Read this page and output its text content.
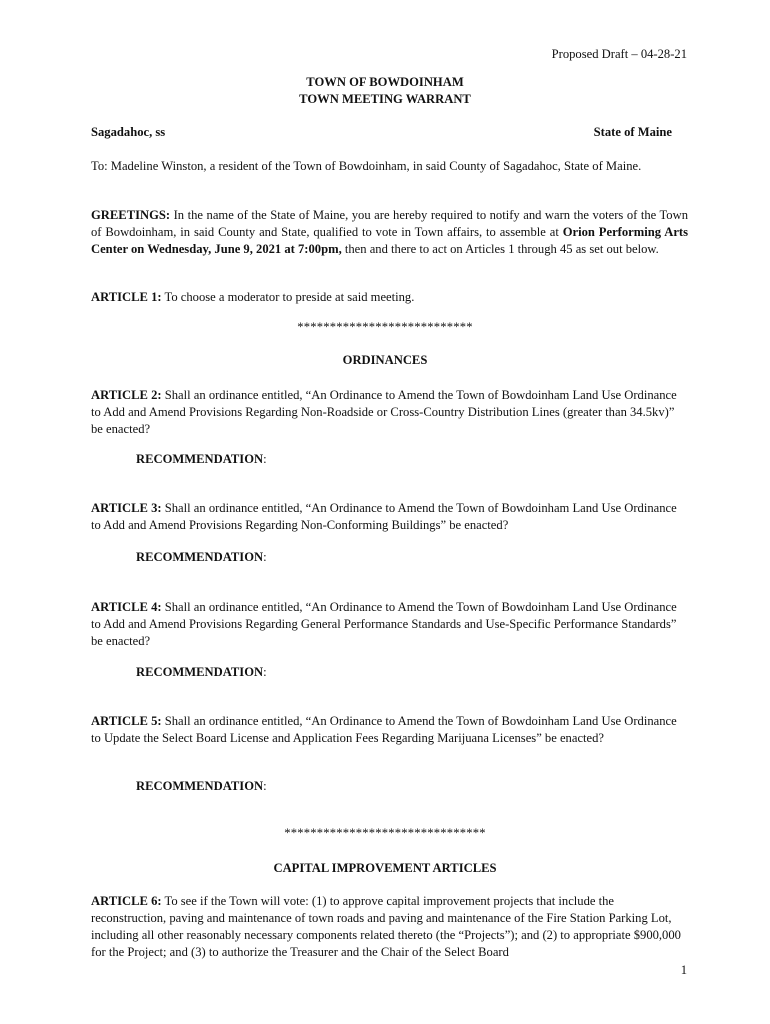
Proposed Draft – 04-28-21
TOWN OF BOWDOINHAM
TOWN MEETING WARRANT
Sagadahoc, ss	State of Maine
To: Madeline Winston, a resident of the Town of Bowdoinham, in said County of Sagadahoc, State of Maine.
GREETINGS: In the name of the State of Maine, you are hereby required to notify and warn the voters of the Town of Bowdoinham, in said County and State, qualified to vote in Town affairs, to assemble at Orion Performing Arts Center on Wednesday, June 9, 2021 at 7:00pm, then and there to act on Articles 1 through 45 as set out below.
ARTICLE 1: To choose a moderator to preside at said meeting.
***************************
ORDINANCES
ARTICLE 2: Shall an ordinance entitled, “An Ordinance to Amend the Town of Bowdoinham Land Use Ordinance to Add and Amend Provisions Regarding Non-Roadside or Cross-Country Distribution Lines (greater than 34.5kv)” be enacted?
RECOMMENDATION:
ARTICLE 3: Shall an ordinance entitled, “An Ordinance to Amend the Town of Bowdoinham Land Use Ordinance to Add and Amend Provisions Regarding Non-Conforming Buildings” be enacted?
RECOMMENDATION:
ARTICLE 4: Shall an ordinance entitled, “An Ordinance to Amend the Town of Bowdoinham Land Use Ordinance to Add and Amend Provisions Regarding General Performance Standards and Use-Specific Performance Standards” be enacted?
RECOMMENDATION:
ARTICLE 5: Shall an ordinance entitled, “An Ordinance to Amend the Town of Bowdoinham Land Use Ordinance to Update the Select Board License and Application Fees Regarding Marijuana Licenses” be enacted?
RECOMMENDATION:
*******************************
CAPITAL IMPROVEMENT ARTICLES
ARTICLE 6: To see if the Town will vote: (1) to approve capital improvement projects that include the reconstruction, paving and maintenance of town roads and paving and maintenance of the Fire Station Parking Lot, including all other reasonably necessary components related thereto (the “Projects”); and (2) to appropriate $900,000 for the Project; and (3) to authorize the Treasurer and the Chair of the Select Board
1
